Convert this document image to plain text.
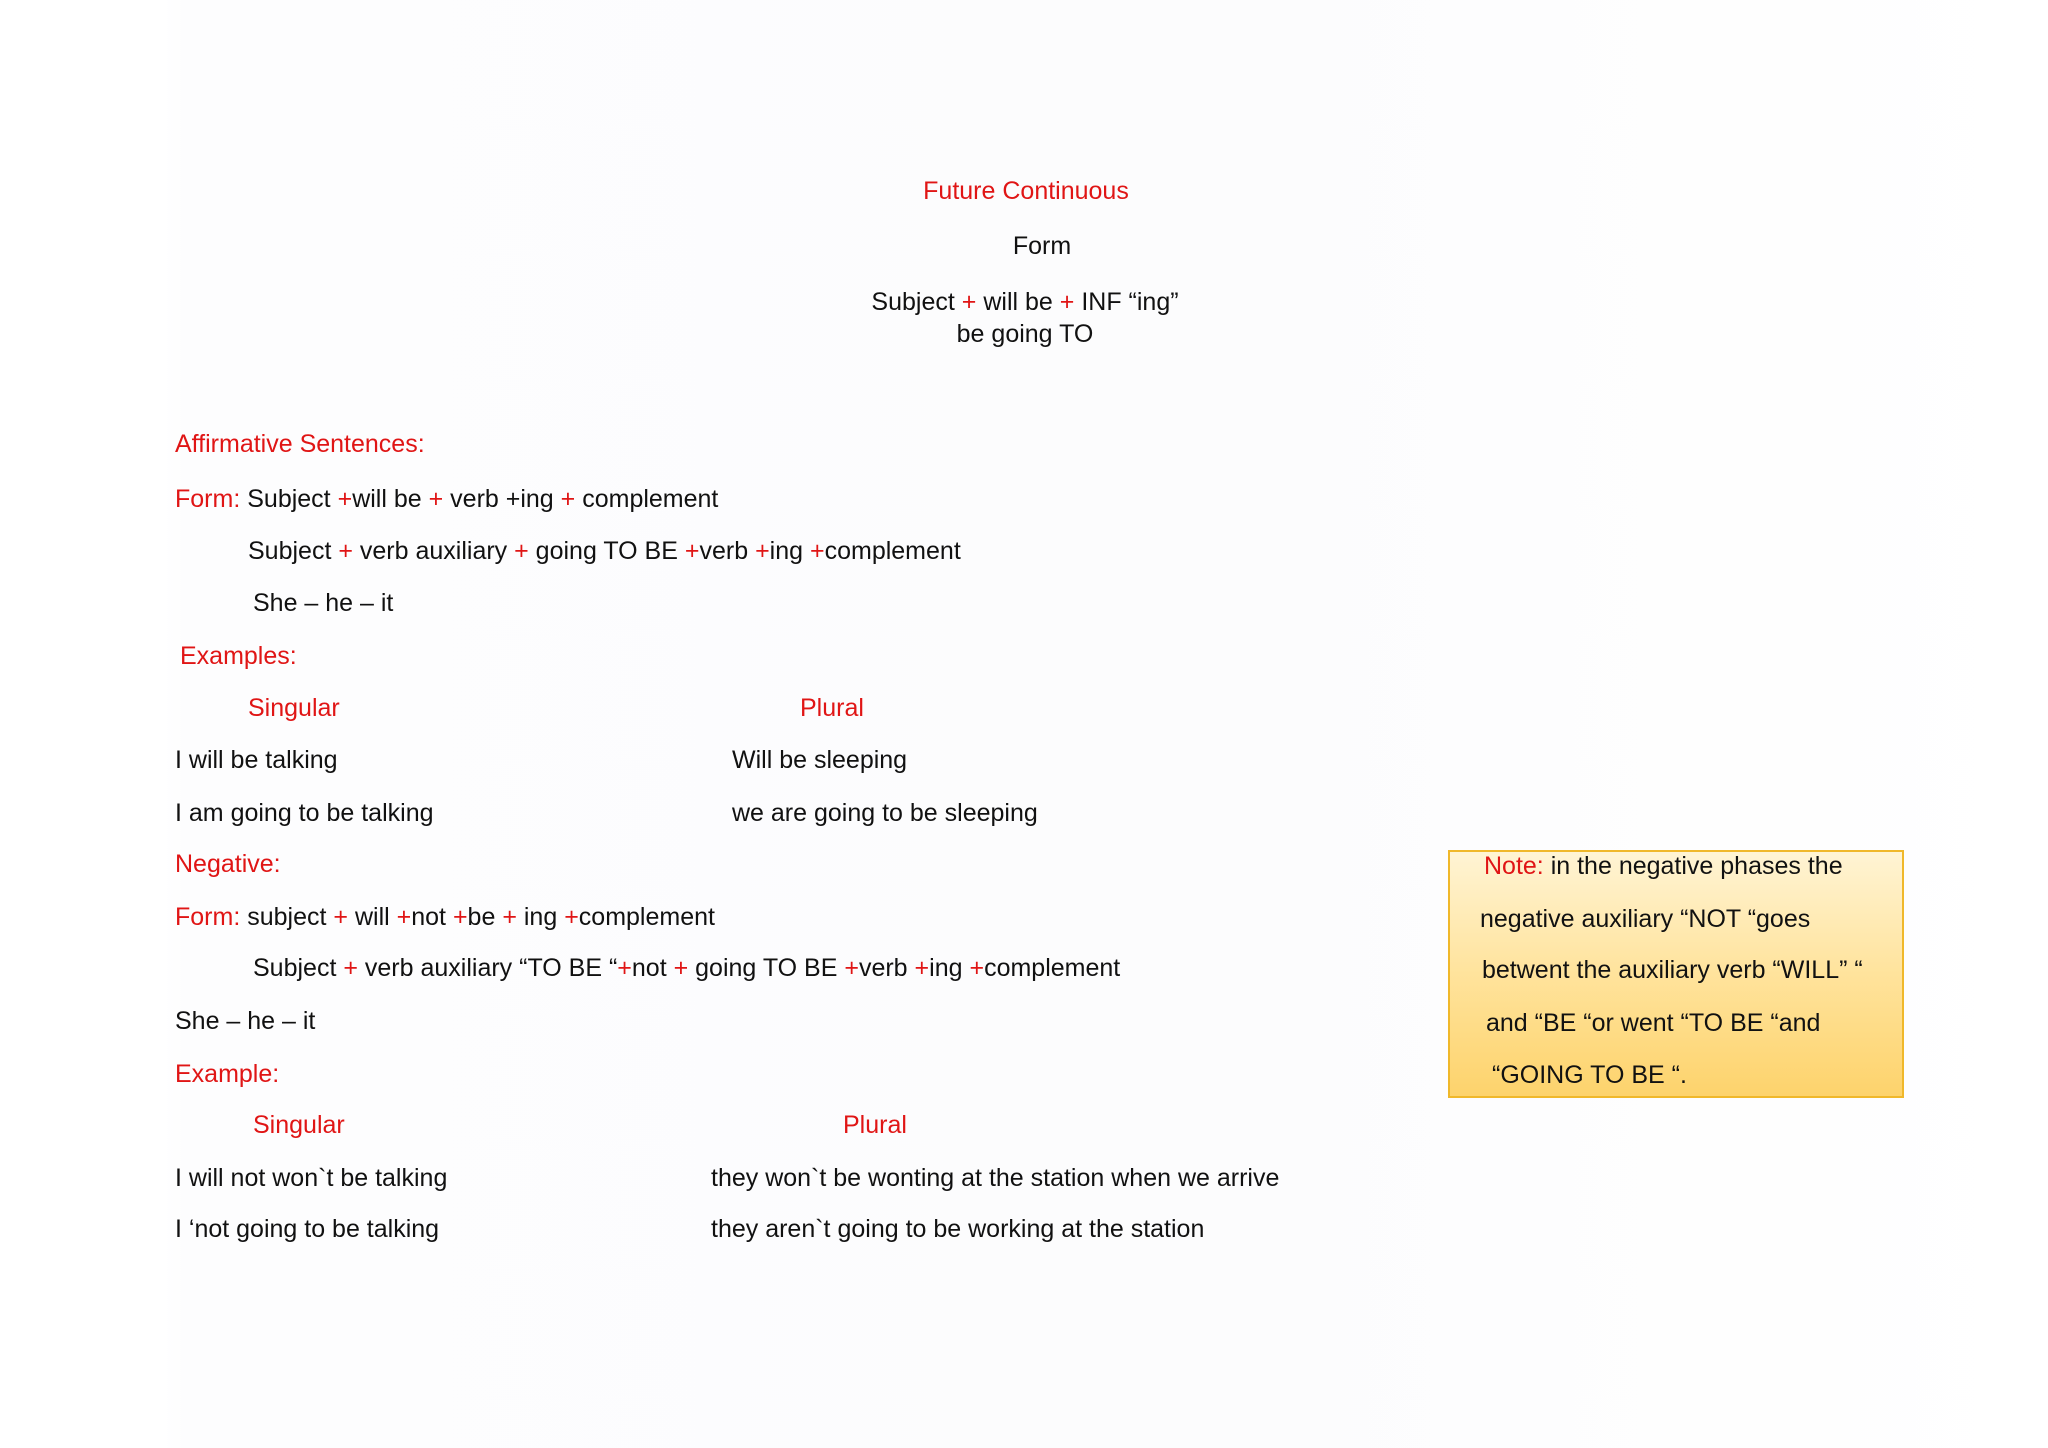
Future Continuous
Form
Subject + will be + INF “ing”
be going TO
Affirmative Sentences:
Form: Subject +will be + verb +ing + complement
Subject + verb auxiliary + going TO BE +verb +ing +complement
She – he – it
Examples:
Singular	Plural
I will be talking	Will be sleeping
I am going to be talking	we are going to be sleeping
Negative:
Form: subject + will +not +be + ing +complement
Subject + verb auxiliary “TO BE “+not + going TO BE +verb +ing +complement
She – he – it
Example:
Singular	Plural
I will not won`t be talking	they won`t be wonting at the station when we arrive
I ‘not going to be talking	they aren`t going to be working at the station
Note: in the negative phases the
negative auxiliary “NOT “goes
betwent the auxiliary verb “WILL” “
and “BE “or went “TO BE “and
“GOING TO BE “.
